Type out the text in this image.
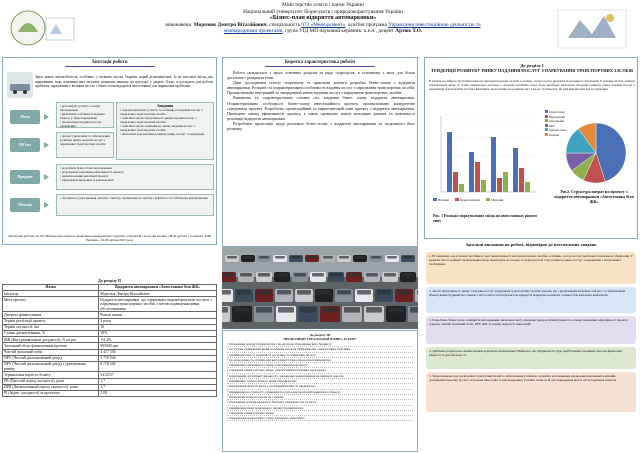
Міністерство освіти і науки України
Національний університет біоресурсів і природокористування України
«Бізнес-план відкриття автопарковки»
виконавець: Морозюк Дмитро Віталійович, спеціальність 073 «Менеджмент», освітня програма Управління інвестиційною діяльністю та міжнародними проектами, група УІД МП науковий керівник: к.е.н., доцент Артюх Т.О.
Анотація роботи
Зараз ринок автомобілістів, особливо, у великих містах України, вкрай різноманітних. Їх не вистачає місць для паркування, тому власники авто змушені залишати машину на тротуарі, у дворах. Отже, я дослідила для роботи проблему паркування у великих містах і бізнес-план відкриття автостоянки для вирішення проблеми.
▪ розглянути сутність та види автопарковок
▪ визначити особливості ведення бізнесу у сфері паркування
▪ проаналізувати ринок послуг паркування
Завдання
▪ охарактеризувати сутність та особливості надання послуг з паркування транспортних засобів
▪ здійснити аналіз внутрішнього ринку надання послуг з паркування транспортних засобів
▪ здійснити аналіз зовнішнього ринку надання послуг з паркування транспортних засобів
▪ визначити перспективи розвитку ринку послуг з паркування
▪ процес управління та забезпечення розвитку ринку надання послуг з паркування транспортних засобів
▪ розробити бізнес-план автопарковки
▪ розрахувати показники ефективності проекту
▪ оцінити ризики реалізації проекту
▪ сформувати висновки та рекомендації
▪ системного узагальнення, аналізу і синтезу, порівняльного аналізу, графічного та табличного відображення
Мета
Об'єкт
Предмет
Методи
Апробація роботи: на VII Міжнародна науково-практична конференція студентів, аспірантів і молодих вчених «Нові рубежі у розвитку АПК України», 19-20 квітня 2023 року
Коротка характеристика роботи

Робота складається з трьох основних розділів та ряду підрозділів, в основному з яких для більш детального розкриття теми.

Дане дослідження описує теоретичну та практичні аспекти розробки бізнес-плану з відкриття автопарковки. Розкрито та охарактеризовано особливості надання послуг з паркування транспортних засобів. Проаналізовано внутрішній та закордонний ринок надання послуг з паркування транспортних засобів.

Визначено та охарактеризовано основні ціл, завдання бізнес плану відкриття автопарковки. Охарактеризовано особливості бізнес-плану інвестиційного проекту, проаналізовано конкурентне середовище проекту. Розроблено організаційний та маркетинговий план проекту з відкриття автопарковки. Проведено оцінку ефективності проекту, а також проведено аналіз можливих ризиків та можливості реалізації відкриття автопарковки.

Розроблено пропозиції щодо реалізації бізнес-плану з відкриття автопарковки та подальшого його розвитку.

До розділу І
ТЕНДЕНЦІЇ РОЗВИТКУ РИНКУ НАДАННЯ ПОСЛУГ З ПАРКУВАННЯ ТРАНСПОРТНИХ ЗАСОБІВ
В умовах постійного зростання кількості автотранспортних засобів, особливо, гостро постає проблема їх належного зберігання. У великих містах, дефіцит паркувальних місць та сумна паркувальна культура є об'єктом постійних скарг. Тому необхідно визначити тенденції розвитку ринку надання послуг з паркування транспортних засобів і визначити, як це вплине на розвиток міст і всього суспільства. Ці дані використані для дослідження.
Наземні	Перехоплюючі	Підземні
Рис. 1 Розподіл паркувальних місць на автостоянках різного типу
Рис2. Структура витрат по проекту з відкриття автопарковки «Автостоянка біля ЖК»
Оплата праці
Відрахування
Амортизація
Інші
Орендна плата
Податки
До розділу ІІ
Назва	Відкриття автопарковки «Автостоянка біля ЖК»
Ініціатор	Морозюк Дмитро Віталійович
Мета проекту	Відкриття автопарковки, що спрямована охарактеризувати послуги з паркування транспортних засобів, з метою підвищення рівня обслуговування
Джерело фінансування	Власні кошти
Термін реалізації проекту	3 роки
Термін окупності, мм	16
Ставка дисконтування, %	18%
IRR (Внутрішня норма дохідності), % на рік	111,2%
Загальний обсяг фінансування проекту	995000 грн
Чистий грошовий потік	4 417 536
NPV (Чистий дисконтований дохід)	3 718 546
NPV (Чистий дисконтований дохід) з урахуванням ризику	8 718 546
Термінальна вартість бізнесу	5412537
PB (Простий період окупності), роки	1,7
DPB (Дисконтований період окупності), роки	1,7
PI (Індекс дохідності) за проектом	3,08
До розділу ІІІ
ПРОПОЗИЦІЇ З РЕАЛІЗАЦІЇ БІЗНЕС-ПЛАНУ
• збільшення доходу підприємства і як наслідок збільшення його бюджету;
• поступове підвищення рівня постійних клієнтів підприємства «Автостоянка біля ЖК»;
• підвищення якості надання та доступності отриманих послуг;
• удосконалення та оптимізація внутрішніх бізнес-процесів підприємства;
• підвищення ефективності праці та мотивації персоналу;
• створення нових робочих місць, забезпечення населення умов праці;
• покращення організації діяльності, зменшення навантаження на прилеглі дороги;
• підвищення технологічного рівня підприємства;
• відновлення екології міста у необхідній кількості паркомісць;
• підвищення доступності отримання послуги для реалізації приватного бізнесу;
• збільшення кількості місць на стоянці;
• збільшення доходів місцевого бюджету підприємства та міста;
• підвищення рівня позитивного іміджу підприємства;
• створення нових робочих місць;
• покращення екологічного стану житлового комплексу.
Загальні висновки по роботі, відповідно до поставлених завдань
1. Встановлено, що в умовах постійного зростання кількості автотранспортних засобів, особливо, гостро постає проблема їх належного зберігання. У великих містах дефіцит паркувальних місць призводить до заторів та незручностей, тому розвиток ринку послуг з паркування є актуальним і необхідним.
2. Аналіз внутрішнього ринку з надання послуг паркування транспортних засобів показав, що з урахуванням можливостей міст та забезпечення фінансування будівництва стоянок у місті, варто орієнтуватися на відкриття відкритих наземних стоянок біля житлових комплексів.
3. Розроблено бізнес-план з відкриття автопарковки, визначено мету, завдання, джерела фінансування та основні показники ефективності проекту, зокрема, чистий грошовий потік, NPV, IRR та термін окупності інвестицій.
4. Здійснено розрахунок оцінки ризиків відкриття автопарковки. Виявлено, що підприємство буде прибутковим з великим запасом фінансової міцності та рентабельності.
5. Запропоновано для досягнення стратегічних цілей та забезпечення успішного розвитку автопарковки проведення рекламних кампаній, розширення переліку послуг, залучення інвесторів та впровадження сучасних технологій для покращення якості обслуговування клієнтів.
